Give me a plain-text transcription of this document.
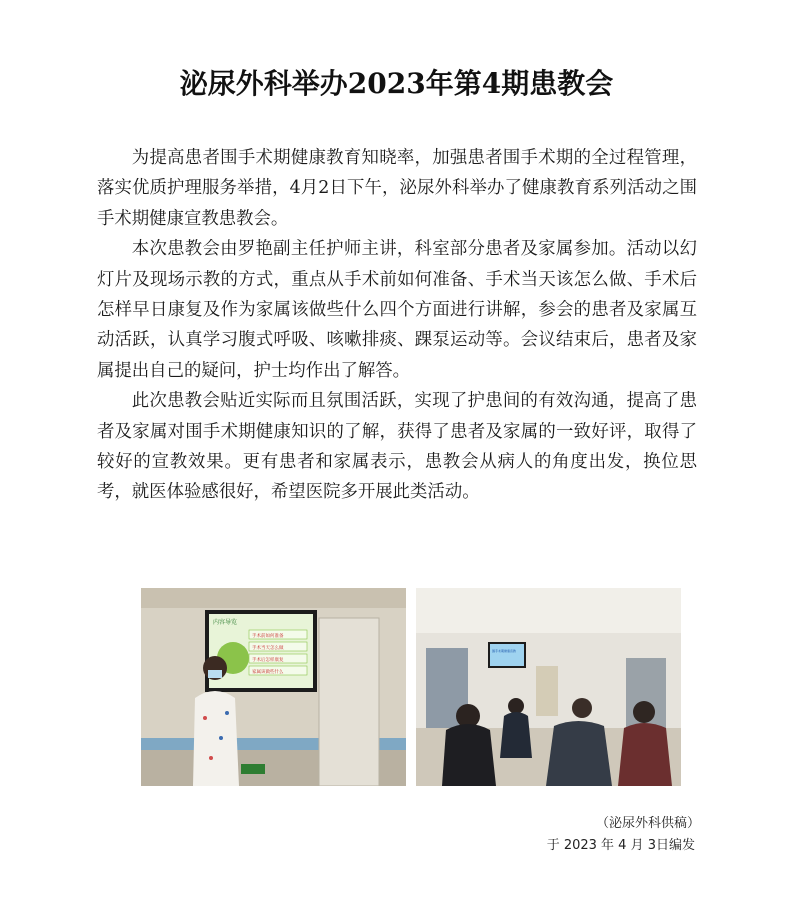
泌尿外科举办2023年第4期患教会

为提高患者围手术期健康教育知晓率，加强患者围手术期的全过程管理，落实优质护理服务举措，4月2日下午，泌尿外科举办了健康教育系列活动之围手术期健康宣教患教会。

本次患教会由罗艳副主任护师主讲，科室部分患者及家属参加。活动以幻灯片及现场示教的方式，重点从手术前如何准备、手术当天该怎么做、手术后怎样早日康复及作为家属该做些什么四个方面进行讲解，参会的患者及家属互动活跃，认真学习腹式呼吸、咳嗽排痰、踝泵运动等。会议结束后，患者及家属提出自己的疑问，护士均作出了解答。

此次患教会贴近实际而且氛围活跃，实现了护患间的有效沟通，提高了患者及家属对围手术期健康知识的了解，获得了患者及家属的一致好评，取得了较好的宣教效果。更有患者和家属表示，患教会从病人的角度出发，换位思考，就医体验感很好，希望医院多开展此类活动。

内容导览
手术前如何准备
手术当天怎么做
手术后怎样康复
家属该做些什么
围手术期健康宣教
（泌尿外科供稿）
于 2023 年 4 月 3日编发
